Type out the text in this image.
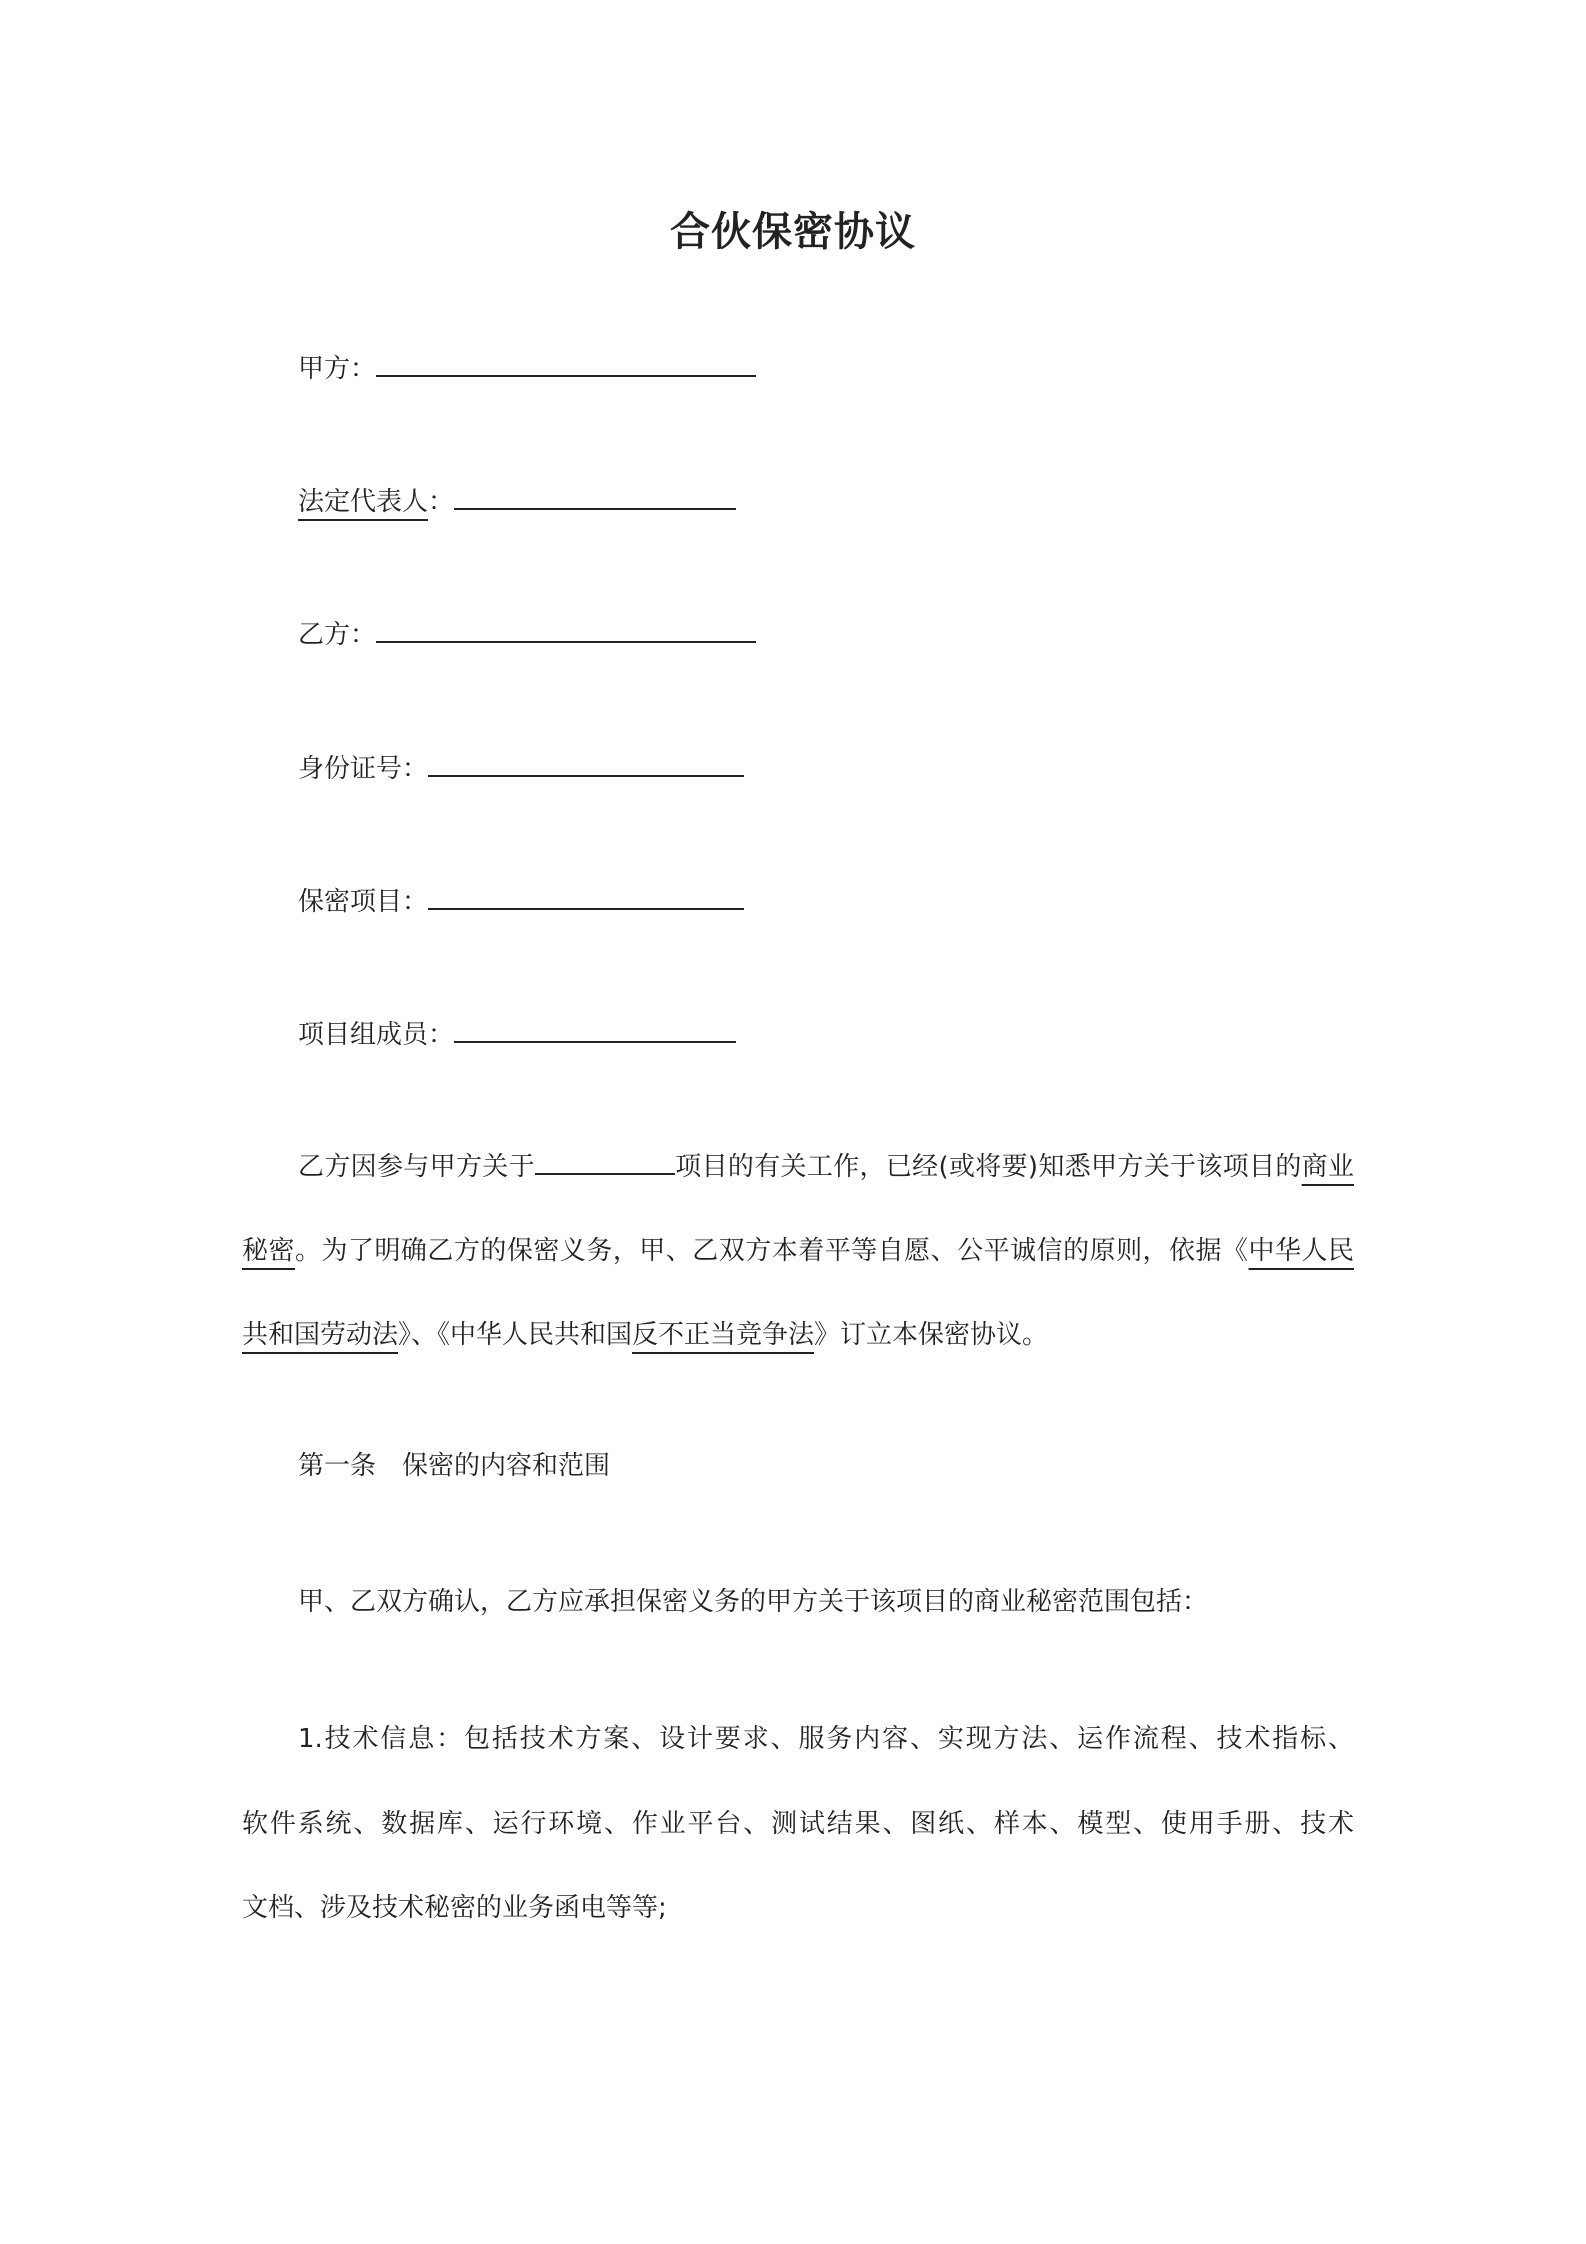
合伙保密协议
甲方：
法定代表人：
乙方：
身份证号：
保密项目：
项目组成员：
乙方因参与甲方关于	项目的有关工作，已经(或将要)知悉甲方关于该项目的商业秘密。为了明确乙方的保密义务，甲、乙双方本着平等自愿、公平诚信的原则，依据《中华人民共和国劳动法》、《中华人民共和国反不正当竞争法》订立本保密协议。
第一条　保密的内容和范围
甲、乙双方确认，乙方应承担保密义务的甲方关于该项目的商业秘密范围包括：
1.技术信息：包括技术方案、设计要求、服务内容、实现方法、运作流程、技术指标、
软件系统、数据库、运行环境、作业平台、测试结果、图纸、样本、模型、使用手册、技术
文档、涉及技术秘密的业务函电等等;
